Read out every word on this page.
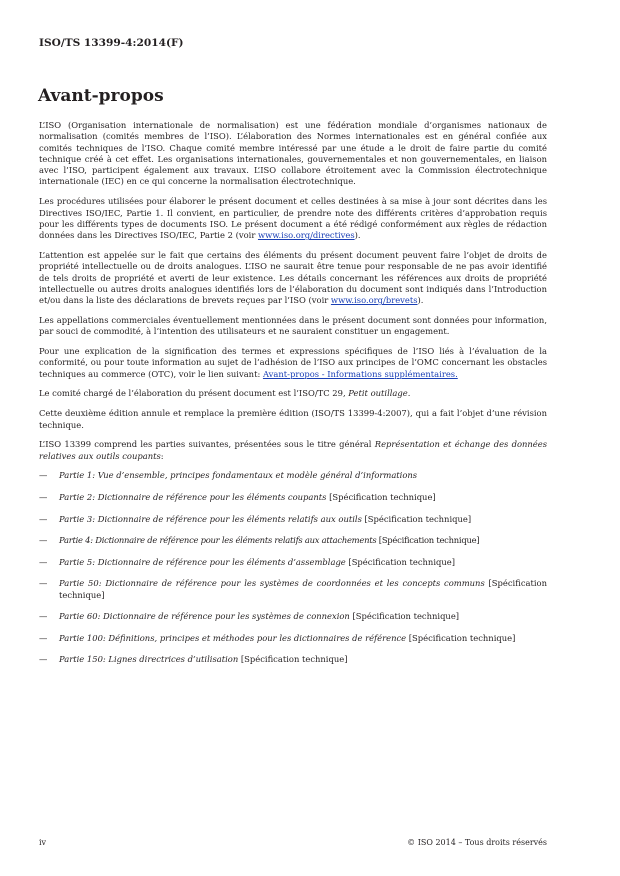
ISO/TS 13399-4:2014(F)
Avant-propos

L’ISO (Organisation internationale de normalisation) est une fédération mondiale d’organismes nationaux de normalisation (comités membres de l’ISO). L’élaboration des Normes internationales est en général confiée aux comités techniques de l’ISO. Chaque comité membre intéressé par une étude a le droit de faire partie du comité technique créé à cet effet. Les organisations internationales, gouvernementales et non gouvernementales, en liaison avec l’ISO, participent également aux travaux. L’ISO collabore étroitement avec la Commission électrotechnique internationale (IEC) en ce qui concerne la normalisation électrotechnique.

Les procédures utilisées pour élaborer le présent document et celles destinées à sa mise à jour sont décrites dans les Directives ISO/IEC, Partie 1. Il convient, en particulier, de prendre note des différents critères d’approbation requis pour les différents types de documents ISO. Le présent document a été rédigé conformément aux règles de rédaction données dans les Directives ISO/IEC, Partie 2 (voir www.iso.org/directives).

L’attention est appelée sur le fait que certains des éléments du présent document peuvent faire l’objet de droits de propriété intellectuelle ou de droits analogues. L’ISO ne saurait être tenue pour responsable de ne pas avoir identifié de tels droits de propriété et averti de leur existence. Les détails concernant les références aux droits de propriété intellectuelle ou autres droits analogues identifiés lors de l’élaboration du document sont indiqués dans l’Introduction et/ou dans la liste des déclarations de brevets reçues par l’ISO (voir www.iso.org/brevets).

Les appellations commerciales éventuellement mentionnées dans le présent document sont données pour information, par souci de commodité, à l’intention des utilisateurs et ne sauraient constituer un engagement.

Pour une explication de la signification des termes et expressions spécifiques de l’ISO liés à l’évaluation de la conformité, ou pour toute information au sujet de l’adhésion de l’ISO aux principes de l’OMC concernant les obstacles techniques au commerce (OTC), voir le lien suivant: Avant-propos - Informations supplémentaires.

Le comité chargé de l’élaboration du présent document est l’ISO/TC 29, Petit outillage.

Cette deuxième édition annule et remplace la première édition (ISO/TS 13399-4:2007), qui a fait l’objet d’une révision technique.

L’ISO 13399 comprend les parties suivantes, présentées sous le titre général Représentation et échange des données relatives aux outils coupants:

— Partie 1: Vue d’ensemble, principes fondamentaux et modèle général d’informations
— Partie 2: Dictionnaire de référence pour les éléments coupants [Spécification technique]
— Partie 3: Dictionnaire de référence pour les éléments relatifs aux outils [Spécification technique]
— Partie 4: Dictionnaire de référence pour les éléments relatifs aux attachements [Spécification technique]
— Partie 5: Dictionnaire de référence pour les éléments d’assemblage [Spécification technique]
— Partie 50: Dictionnaire de référence pour les systèmes de coordonnées et les concepts communs [Spécification technique]
— Partie 60: Dictionnaire de référence pour les systèmes de connexion [Spécification technique]
— Partie 100: Définitions, principes et méthodes pour les dictionnaires de référence [Spécification technique]
— Partie 150: Lignes directrices d’utilisation [Spécification technique]
iv	© ISO 2014 – Tous droits réservés
